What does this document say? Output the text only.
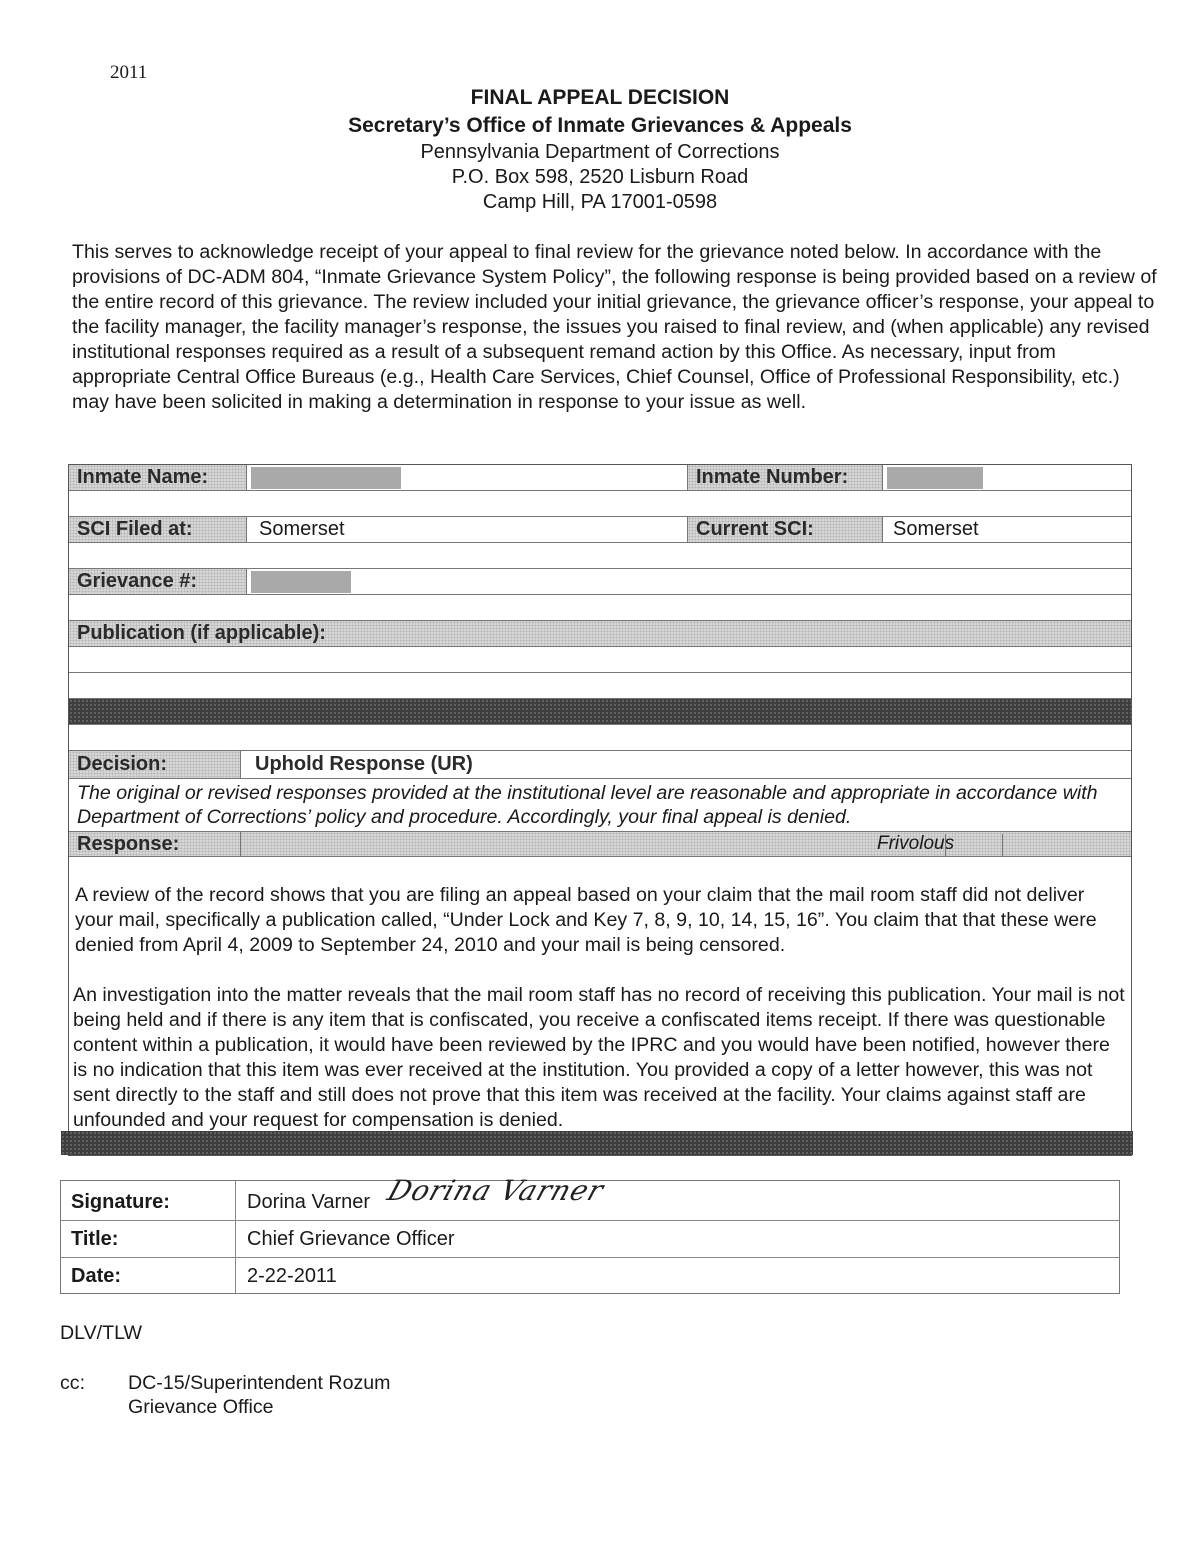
2011
FINAL APPEAL DECISION
Secretary’s Office of Inmate Grievances & Appeals
Pennsylvania Department of Corrections
P.O. Box 598, 2520 Lisburn Road
Camp Hill, PA 17001-0598
This serves to acknowledge receipt of your appeal to final review for the grievance noted below. In accordance with the provisions of DC-ADM 804, “Inmate Grievance System Policy”, the following response is being provided based on a review of the entire record of this grievance. The review included your initial grievance, the grievance officer’s response, your appeal to the facility manager, the facility manager’s response, the issues you raised to final review, and (when applicable) any revised institutional responses required as a result of a subsequent remand action by this Office. As necessary, input from appropriate Central Office Bureaus (e.g., Health Care Services, Chief Counsel, Office of Professional Responsibility, etc.) may have been solicited in making a determination in response to your issue as well.
Inmate Name:	Inmate Number:
SCI Filed at:	Somerset	Current SCI:	Somerset
Grievance #:
Publication (if applicable):
Decision:	Uphold Response (UR)
The original or revised responses provided at the institutional level are reasonable and appropriate in accordance with Department of Corrections’ policy and procedure. Accordingly, your final appeal is denied.
Response:	Frivolous
A review of the record shows that you are filing an appeal based on your claim that the mail room staff did not deliver your mail, specifically a publication called, “Under Lock and Key 7, 8, 9, 10, 14, 15, 16”. You claim that that these were denied from April 4, 2009 to September 24, 2010 and your mail is being censored.
An investigation into the matter reveals that the mail room staff has no record of receiving this publication. Your mail is not being held and if there is any item that is confiscated, you receive a confiscated items receipt. If there was questionable content within a publication, it would have been reviewed by the IPRC and you would have been notified, however there is no indication that this item was ever received at the institution. You provided a copy of a letter however, this was not sent directly to the staff and still does not prove that this item was received at the facility. Your claims against staff are unfounded and your request for compensation is denied.
Signature:	Dorina Varner Dorina Varner
Title:	Chief Grievance Officer
Date:	2-22-2011
DLV/TLW
cc: DC-15/Superintendent Rozum
Grievance Office
